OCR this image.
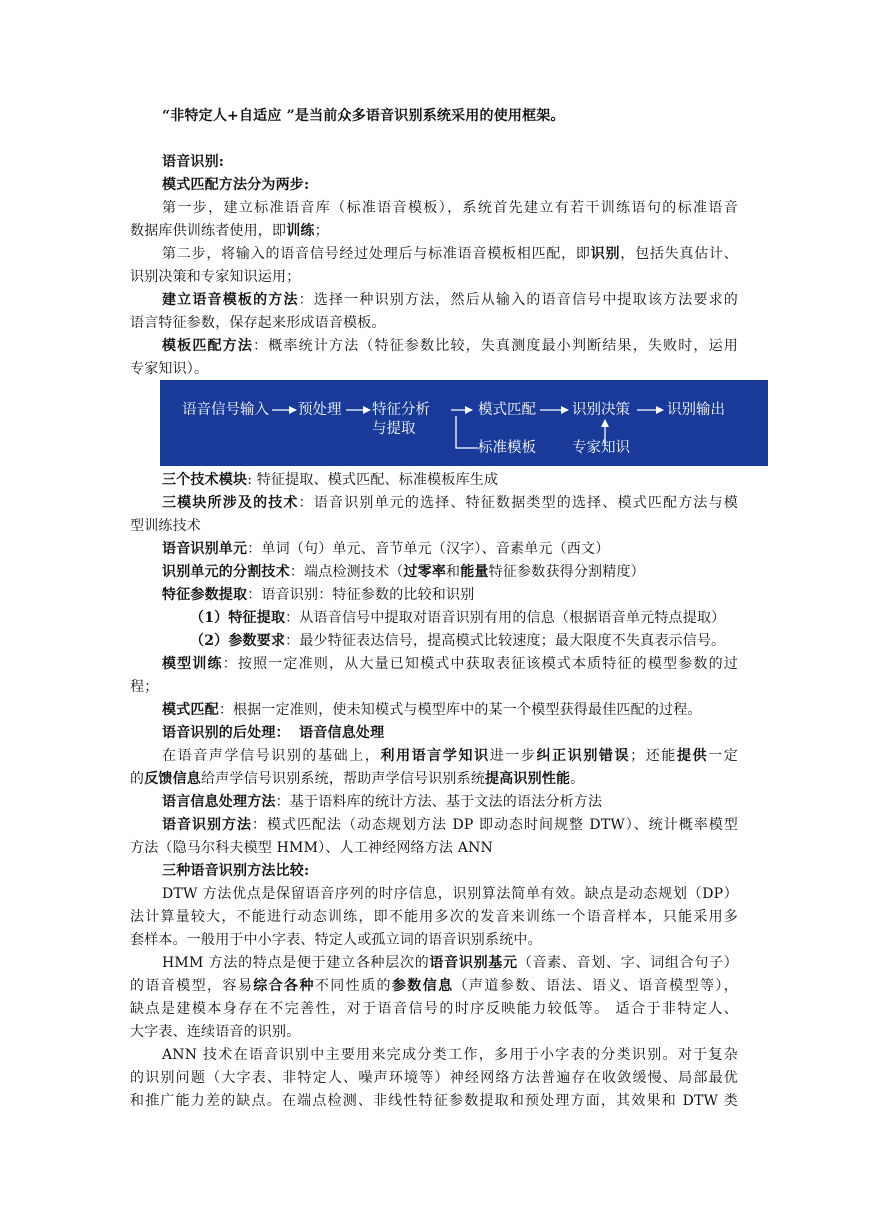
“非特定人+自适应 ”是当前众多语音识别系统采用的使用框架。
语音识别:
模式匹配方法分为两步:
第一步，建立标准语音库（标准语音模板），系统首先建立有若干训练语句的标准语音
数据库供训练者使用，即训练；
第二步，将输入的语音信号经过处理后与标准语音模板相匹配，即识别，包括失真估计、
识别决策和专家知识运用；
建立语音模板的方法：选择一种识别方法，然后从输入的语音信号中提取该方法要求的
语言特征参数，保存起来形成语音模板。
模板匹配方法：概率统计方法（特征参数比较，失真测度最小判断结果，失败时，运用
专家知识）。
语音信号输入 预处理 特征分析
与提取
模式匹配 识别决策	识别输出
标准模板 专家知识
三个技术模块: 特征提取、模式匹配、标准模板库生成
三模块所涉及的技术：语音识别单元的选择、特征数据类型的选择、模式匹配方法与模
型训练技术
语音识别单元：单词（句）单元、音节单元（汉字）、音素单元（西文）
识别单元的分割技术：端点检测技术（过零率和能量特征参数获得分割精度）
特征参数提取：语音识别：特征参数的比较和识别
（1）特征提取：从语音信号中提取对语音识别有用的信息（根据语音单元特点提取）
（2）参数要求：最少特征表达信号，提高模式比较速度；最大限度不失真表示信号。
模型训练：按照一定准则，从大量已知模式中获取表征该模式本质特征的模型参数的过
程；
模式匹配：根据一定准则，使未知模式与模型库中的某一个模型获得最佳匹配的过程。
语音识别的后处理： 语音信息处理
在语音声学信号识别的基础上，利用语言学知识进一步纠正识别错误；还能提供一定
的反馈信息给声学信号识别系统，帮助声学信号识别系统提高识别性能。
语言信息处理方法：基于语料库的统计方法、基于文法的语法分析方法
语音识别方法：模式匹配法（动态规划方法 DP 即动态时间规整 DTW）、统计概率模型
方法（隐马尔科夫模型 HMM）、人工神经网络方法 ANN
三种语音识别方法比较:
DTW 方法优点是保留语音序列的时序信息，识别算法简单有效。缺点是动态规划（DP）
法计算量较大，不能进行动态训练，即不能用多次的发音来训练一个语音样本，只能采用多
套样本。一般用于中小字表、特定人或孤立词的语音识别系统中。
HMM 方法的特点是便于建立各种层次的语音识别基元（音素、音划、字、词组合句子）
的语音模型，容易综合各种不同性质的参数信息（声道参数、语法、语义、语音模型等），
缺点是建模本身存在不完善性，对于语音信号的时序反映能力较低等。 适合于非特定人、
大字表、连续语音的识别。
ANN 技术在语音识别中主要用来完成分类工作，多用于小字表的分类识别。对于复杂
的识别问题（大字表、非特定人、噪声环境等）神经网络方法普遍存在收敛缓慢、局部最优
和推广能力差的缺点。在端点检测、非线性特征参数提取和预处理方面，其效果和 DTW 类
